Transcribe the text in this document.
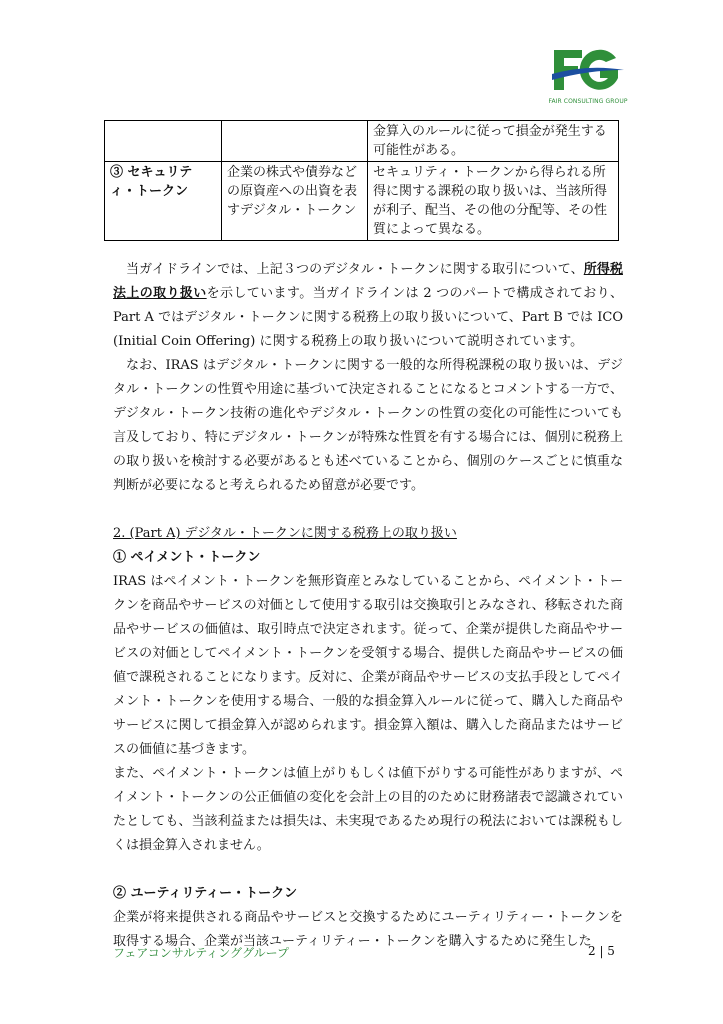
FAIR CONSULTING GROUP
		金算入のルールに従って損金が発生する可能性がある。
③ セキュリティ・トークン	企業の株式や債券などの原資産への出資を表すデジタル・トークン	セキュリティ・トークンから得られる所得に関する課税の取り扱いは、当該所得が利子、配当、その他の分配等、その性質によって異なる。

当ガイドラインでは、上記３つのデジタル・トークンに関する取引について、所得税法上の取り扱いを示しています。当ガイドラインは 2 つのパートで構成されており、Part A ではデジタル・トークンに関する税務上の取り扱いについて、Part B では ICO (Initial Coin Offering) に関する税務上の取り扱いについて説明されています。

なお、IRAS はデジタル・トークンに関する一般的な所得税課税の取り扱いは、デジタル・トークンの性質や用途に基づいて決定されることになるとコメントする一方で、デジタル・トークン技術の進化やデジタル・トークンの性質の変化の可能性についても言及しており、特にデジタル・トークンが特殊な性質を有する場合には、個別に税務上の取り扱いを検討する必要があるとも述べていることから、個別のケースごとに慎重な判断が必要になると考えられるため留意が必要です。

2. (Part A) デジタル・トークンに関する税務上の取り扱い

① ペイメント・トークン

IRAS はペイメント・トークンを無形資産とみなしていることから、ペイメント・トークンを商品やサービスの対価として使用する取引は交換取引とみなされ、移転された商品やサービスの価値は、取引時点で決定されます。従って、企業が提供した商品やサービスの対価としてペイメント・トークンを受領する場合、提供した商品やサービスの価値で課税されることになります。反対に、企業が商品やサービスの支払手段としてペイメント・トークンを使用する場合、一般的な損金算入ルールに従って、購入した商品やサービスに関して損金算入が認められます。損金算入額は、購入した商品またはサービスの価値に基づきます。

また、ペイメント・トークンは値上がりもしくは値下がりする可能性がありますが、ペイメント・トークンの公正価値の変化を会計上の目的のために財務諸表で認識されていたとしても、当該利益または損失は、未実現であるため現行の税法においては課税もしくは損金算入されません。

② ユーティリティー・トークン

企業が将来提供される商品やサービスと交換するためにユーティリティー・トークンを取得する場合、企業が当該ユーティリティー・トークンを購入するために発生した

フェアコンサルティンググループ	2 | 5
